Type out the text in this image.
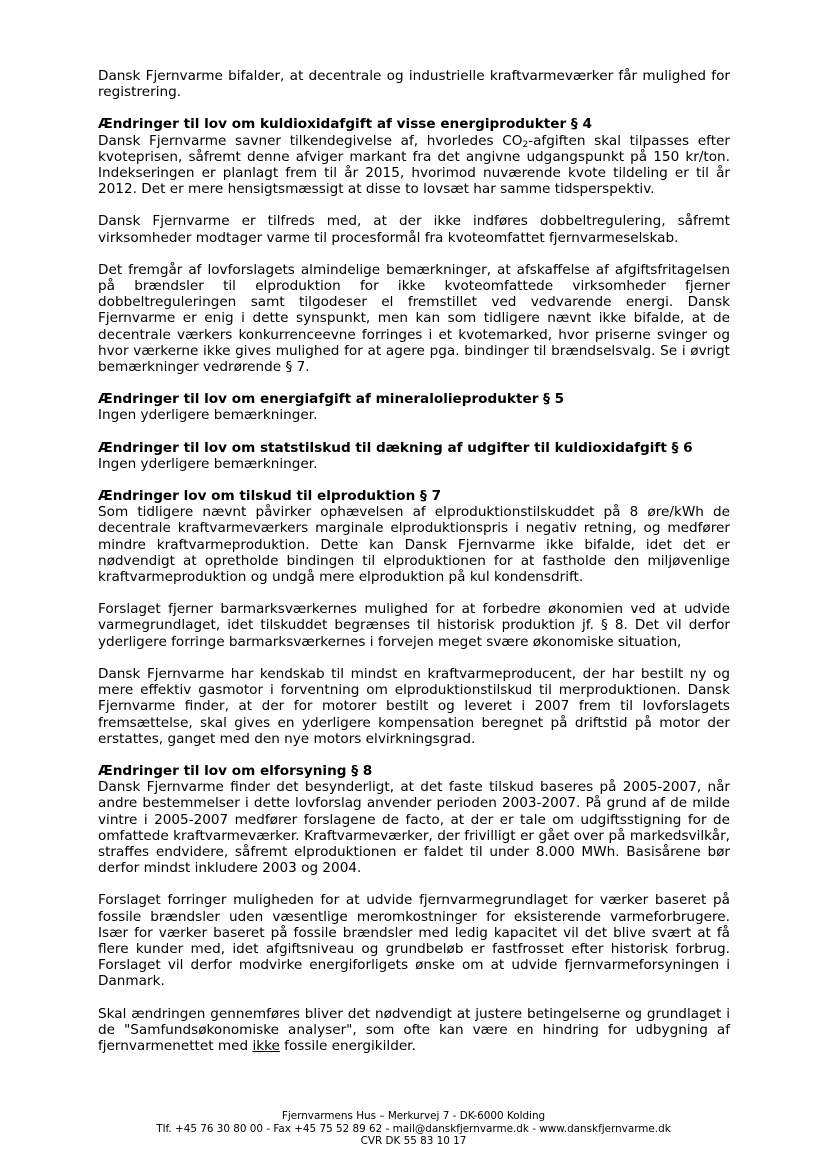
Dansk Fjernvarme bifalder, at decentrale og industrielle kraftvarmeværker får mulighed for registrering.

Ændringer til lov om kuldioxidafgift af visse energiprodukter § 4

Dansk Fjernvarme savner tilkendegivelse af, hvorledes $CO_2$-afgiften skal tilpasses efter kvoteprisen, såfremt denne afviger markant fra det angivne udgangspunkt på 150 kr/ton. Indekseringen er planlagt frem til år 2015, hvorimod nuværende kvote tildeling er til år 2012. Det er mere hensigtsmæssigt at disse to lovsæt har samme tidsperspektiv.

Dansk Fjernvarme er tilfreds med, at der ikke indføres dobbeltregulering, såfremt virksomheder modtager varme til procesformål fra kvoteomfattet fjernvarmeselskab.

Det fremgår af lovforslagets almindelige bemærkninger, at afskaffelse af afgiftsfritagelsen på brændsler til elproduktion for ikke kvoteomfattede virksomheder fjerner dobbeltreguleringen samt tilgodeser el fremstillet ved vedvarende energi. Dansk Fjernvarme er enig i dette synspunkt, men kan som tidligere nævnt ikke bifalde, at de decentrale værkers konkurrenceevne forringes i et kvotemarked, hvor priserne svinger og hvor værkerne ikke gives mulighed for at agere pga. bindinger til brændselsvalg. Se i øvrigt bemærkninger vedrørende § 7.

Ændringer til lov om energiafgift af mineralolieprodukter § 5

Ingen yderligere bemærkninger.

Ændringer til lov om statstilskud til dækning af udgifter til kuldioxidafgift § 6

Ingen yderligere bemærkninger.

Ændringer lov om tilskud til elproduktion § 7

Som tidligere nævnt påvirker ophævelsen af elproduktionstilskuddet på 8 øre/kWh de decentrale kraftvarmeværkers marginale elproduktionspris i negativ retning, og medfører mindre kraftvarmeproduktion. Dette kan Dansk Fjernvarme ikke bifalde, idet det er nødvendigt at opretholde bindingen til elproduktionen for at fastholde den miljøvenlige kraftvarmeproduktion og undgå mere elproduktion på kul kondensdrift.

Forslaget fjerner barmarksværkernes mulighed for at forbedre økonomien ved at udvide varmegrundlaget, idet tilskuddet begrænses til historisk produktion jf. § 8. Det vil derfor yderligere forringe barmarksværkernes i forvejen meget svære økonomiske situation,

Dansk Fjernvarme har kendskab til mindst en kraftvarmeproducent, der har bestilt ny og mere effektiv gasmotor i forventning om elproduktionstilskud til merproduktionen. Dansk Fjernvarme finder, at der for motorer bestilt og leveret i 2007 frem til lovforslagets fremsættelse, skal gives en yderligere kompensation beregnet på driftstid på motor der erstattes, ganget med den nye motors elvirkningsgrad.

Ændringer til lov om elforsyning § 8

Dansk Fjernvarme finder det besynderligt, at det faste tilskud baseres på 2005-2007, når andre bestemmelser i dette lovforslag anvender perioden 2003-2007. På grund af de milde vintre i 2005-2007 medfører forslagene de facto, at der er tale om udgiftsstigning for de omfattede kraftvarmeværker. Kraftvarmeværker, der frivilligt er gået over på markedsvilkår, straffes endvidere, såfremt elproduktionen er faldet til under 8.000 MWh. Basisårene bør derfor mindst inkludere 2003 og 2004.

Forslaget forringer muligheden for at udvide fjernvarmegrundlaget for værker baseret på fossile brændsler uden væsentlige meromkostninger for eksisterende varmeforbrugere. Især for værker baseret på fossile brændsler med ledig kapacitet vil det blive svært at få flere kunder med, idet afgiftsniveau og grundbeløb er fastfrosset efter historisk forbrug. Forslaget vil derfor modvirke energiforligets ønske om at udvide fjernvarmeforsyningen i Danmark.

Skal ændringen gennemføres bliver det nødvendigt at justere betingelserne og grundlaget i de "Samfundsøkonomiske analyser", som ofte kan være en hindring for udbygning af fjernvarmenettet med ikke fossile energikilder.

Fjernvarmens Hus – Merkurvej 7 - DK-6000 Kolding
Tlf. +45 76 30 80 00 - Fax +45 75 52 89 62 - mail@danskfjernvarme.dk - www.danskfjernvarme.dk
CVR DK 55 83 10 17
